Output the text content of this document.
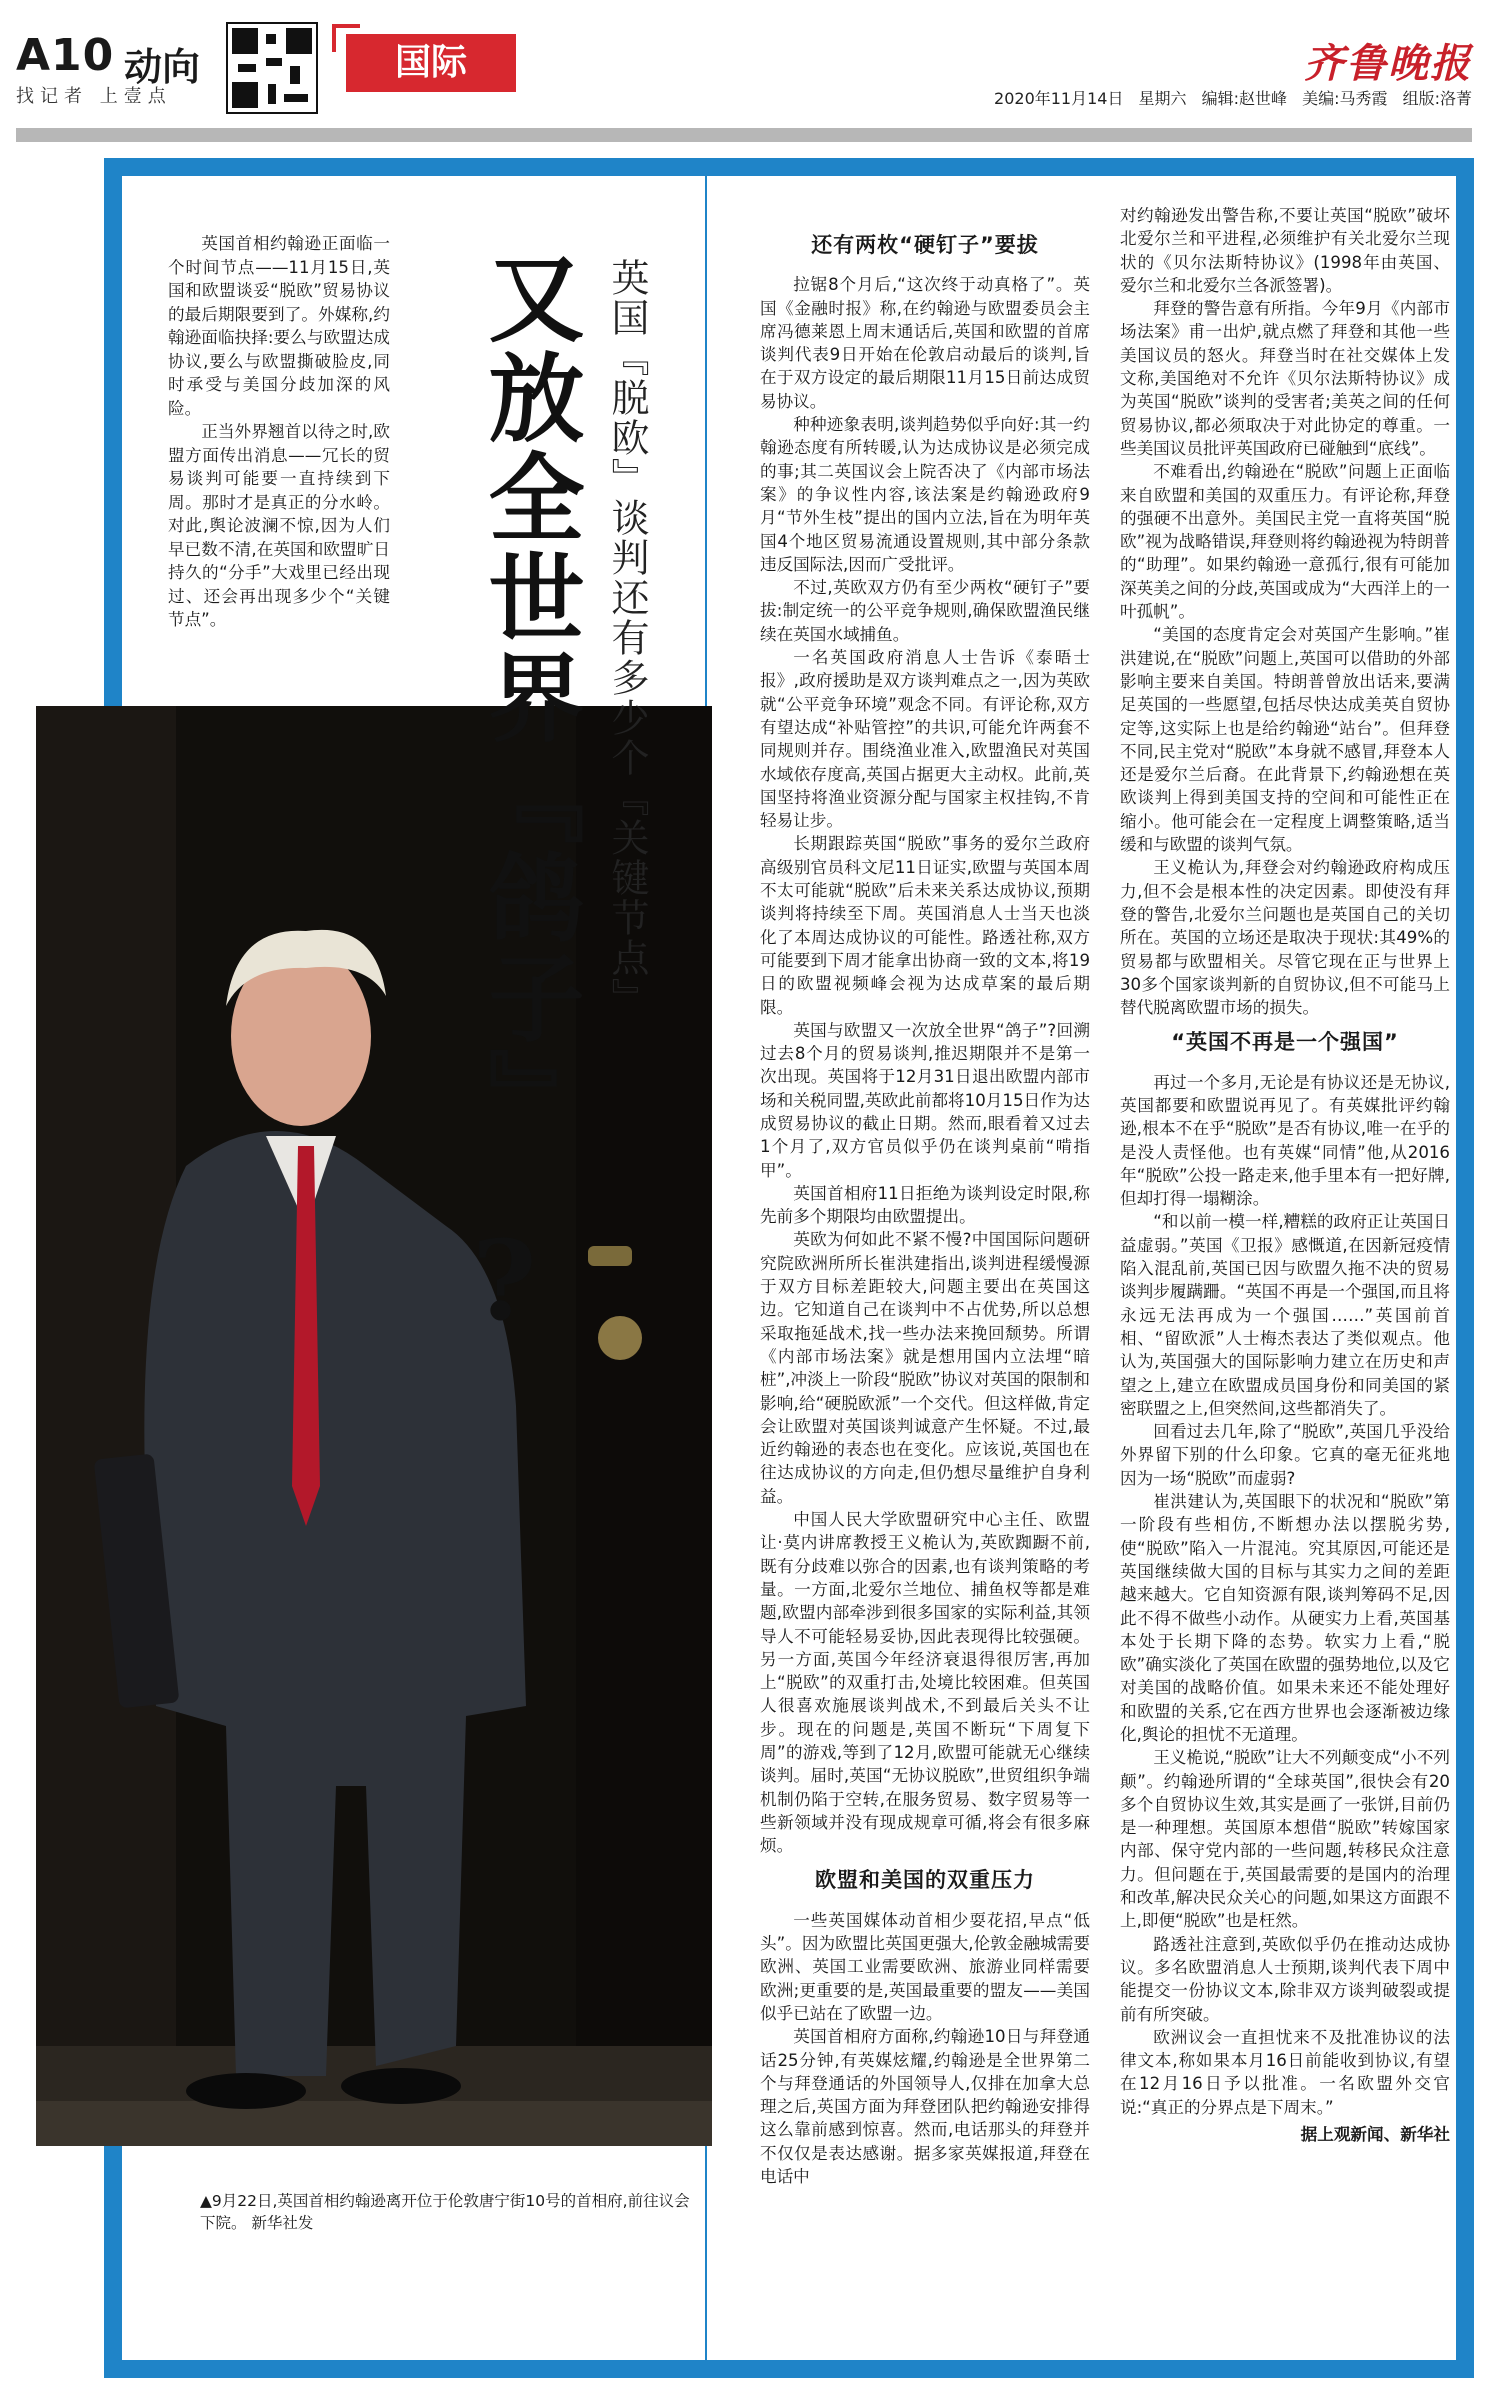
A10 动向
找记者 上壹点
国际	齐鲁晚报
2020年11月14日 星期六 编辑:赵世峰 美编:马秀霞 组版:洛菁

英国首相约翰逊正面临一个时间节点——11月15日,英国和欧盟谈妥“脱欧”贸易协议的最后期限要到了。外媒称,约翰逊面临抉择:要么与欧盟达成协议,要么与欧盟撕破脸皮,同时承受与美国分歧加深的风险。

正当外界翘首以待之时,欧盟方面传出消息——冗长的贸易谈判可能要一直持续到下周。那时才是真正的分水岭。对此,舆论波澜不惊,因为人们早已数不清,在英国和欧盟旷日持久的“分手”大戏里已经出现过、还会再出现多少个“关键节点”。	又放全世界『鸽子』
?
英国『脱欧』谈判还有多少个『关键节点』
▲9月22日,英国首相约翰逊离开位于伦敦唐宁街10号的首相府,前往议会下院。 新华社发
还有两枚“硬钉子”要拔

拉锯8个月后,“这次终于动真格了”。英国《金融时报》称,在约翰逊与欧盟委员会主席冯德莱恩上周末通话后,英国和欧盟的首席谈判代表9日开始在伦敦启动最后的谈判,旨在于双方设定的最后期限11月15日前达成贸易协议。

种种迹象表明,谈判趋势似乎向好:其一约翰逊态度有所转暖,认为达成协议是必须完成的事;其二英国议会上院否决了《内部市场法案》的争议性内容,该法案是约翰逊政府9月“节外生枝”提出的国内立法,旨在为明年英国4个地区贸易流通设置规则,其中部分条款违反国际法,因而广受批评。

不过,英欧双方仍有至少两枚“硬钉子”要拔:制定统一的公平竞争规则,确保欧盟渔民继续在英国水域捕鱼。

一名英国政府消息人士告诉《泰晤士报》,政府援助是双方谈判难点之一,因为英欧就“公平竞争环境”观念不同。有评论称,双方有望达成“补贴管控”的共识,可能允许两套不同规则并存。围绕渔业准入,欧盟渔民对英国水域依存度高,英国占据更大主动权。此前,英国坚持将渔业资源分配与国家主权挂钩,不肯轻易让步。

长期跟踪英国“脱欧”事务的爱尔兰政府高级别官员科文尼11日证实,欧盟与英国本周不太可能就“脱欧”后未来关系达成协议,预期谈判将持续至下周。英国消息人士当天也淡化了本周达成协议的可能性。路透社称,双方可能要到下周才能拿出协商一致的文本,将19日的欧盟视频峰会视为达成草案的最后期限。

英国与欧盟又一次放全世界“鸽子”?回溯过去8个月的贸易谈判,推迟期限并不是第一次出现。英国将于12月31日退出欧盟内部市场和关税同盟,英欧此前都将10月15日作为达成贸易协议的截止日期。然而,眼看着又过去1个月了,双方官员似乎仍在谈判桌前“啃指甲”。

英国首相府11日拒绝为谈判设定时限,称先前多个期限均由欧盟提出。

英欧为何如此不紧不慢?中国国际问题研究院欧洲所所长崔洪建指出,谈判进程缓慢源于双方目标差距较大,问题主要出在英国这边。它知道自己在谈判中不占优势,所以总想采取拖延战术,找一些办法来挽回颓势。所谓《内部市场法案》就是想用国内立法埋“暗桩”,冲淡上一阶段“脱欧”协议对英国的限制和影响,给“硬脱欧派”一个交代。但这样做,肯定会让欧盟对英国谈判诚意产生怀疑。不过,最近约翰逊的表态也在变化。应该说,英国也在往达成协议的方向走,但仍想尽量维护自身利益。

中国人民大学欧盟研究中心主任、欧盟让·莫内讲席教授王义桅认为,英欧踟蹰不前,既有分歧难以弥合的因素,也有谈判策略的考量。一方面,北爱尔兰地位、捕鱼权等都是难题,欧盟内部牵涉到很多国家的实际利益,其领导人不可能轻易妥协,因此表现得比较强硬。另一方面,英国今年经济衰退得很厉害,再加上“脱欧”的双重打击,处境比较困难。但英国人很喜欢施展谈判战术,不到最后关头不让步。现在的问题是,英国不断玩“下周复下周”的游戏,等到了12月,欧盟可能就无心继续谈判。届时,英国“无协议脱欧”,世贸组织争端机制仍陷于空转,在服务贸易、数字贸易等一些新领域并没有现成规章可循,将会有很多麻烦。

欧盟和美国的双重压力

一些英国媒体动首相少耍花招,早点“低头”。因为欧盟比英国更强大,伦敦金融城需要欧洲、英国工业需要欧洲、旅游业同样需要欧洲;更重要的是,英国最重要的盟友——美国似乎已站在了欧盟一边。

英国首相府方面称,约翰逊10日与拜登通话25分钟,有英媒炫耀,约翰逊是全世界第二个与拜登通话的外国领导人,仅排在加拿大总理之后,英国方面为拜登团队把约翰逊安排得这么靠前感到惊喜。然而,电话那头的拜登并不仅仅是表达感谢。据多家英媒报道,拜登在电话中

对约翰逊发出警告称,不要让英国“脱欧”破坏北爱尔兰和平进程,必须维护有关北爱尔兰现状的《贝尔法斯特协议》(1998年由英国、爱尔兰和北爱尔兰各派签署)。

拜登的警告意有所指。今年9月《内部市场法案》甫一出炉,就点燃了拜登和其他一些美国议员的怒火。拜登当时在社交媒体上发文称,美国绝对不允许《贝尔法斯特协议》成为英国“脱欧”谈判的受害者;美英之间的任何贸易协议,都必须取决于对此协定的尊重。一些美国议员批评英国政府已碰触到“底线”。

不难看出,约翰逊在“脱欧”问题上正面临来自欧盟和美国的双重压力。有评论称,拜登的强硬不出意外。美国民主党一直将英国“脱欧”视为战略错误,拜登则将约翰逊视为特朗普的“助理”。如果约翰逊一意孤行,很有可能加深英美之间的分歧,英国或成为“大西洋上的一叶孤帆”。

“美国的态度肯定会对英国产生影响。”崔洪建说,在“脱欧”问题上,英国可以借助的外部影响主要来自美国。特朗普曾放出话来,要满足英国的一些愿望,包括尽快达成美英自贸协定等,这实际上也是给约翰逊“站台”。但拜登不同,民主党对“脱欧”本身就不感冒,拜登本人还是爱尔兰后裔。在此背景下,约翰逊想在英欧谈判上得到美国支持的空间和可能性正在缩小。他可能会在一定程度上调整策略,适当缓和与欧盟的谈判气氛。

王义桅认为,拜登会对约翰逊政府构成压力,但不会是根本性的决定因素。即使没有拜登的警告,北爱尔兰问题也是英国自己的关切所在。英国的立场还是取决于现状:其49%的贸易都与欧盟相关。尽管它现在正与世界上30多个国家谈判新的自贸协议,但不可能马上替代脱离欧盟市场的损失。

“英国不再是一个强国”

再过一个多月,无论是有协议还是无协议,英国都要和欧盟说再见了。有英媒批评约翰逊,根本不在乎“脱欧”是否有协议,唯一在乎的是没人责怪他。也有英媒“同情”他,从2016年“脱欧”公投一路走来,他手里本有一把好牌,但却打得一塌糊涂。

“和以前一模一样,糟糕的政府正让英国日益虚弱。”英国《卫报》感慨道,在因新冠疫情陷入混乱前,英国已因与欧盟久拖不决的贸易谈判步履蹒跚。“英国不再是一个强国,而且将永远无法再成为一个强国……”英国前首相、“留欧派”人士梅杰表达了类似观点。他认为,英国强大的国际影响力建立在历史和声望之上,建立在欧盟成员国身份和同美国的紧密联盟之上,但突然间,这些都消失了。

回看过去几年,除了“脱欧”,英国几乎没给外界留下别的什么印象。它真的毫无征兆地因为一场“脱欧”而虚弱?

崔洪建认为,英国眼下的状况和“脱欧”第一阶段有些相仿,不断想办法以摆脱劣势,使“脱欧”陷入一片混沌。究其原因,可能还是英国继续做大国的目标与其实力之间的差距越来越大。它自知资源有限,谈判筹码不足,因此不得不做些小动作。从硬实力上看,英国基本处于长期下降的态势。软实力上看,“脱欧”确实淡化了英国在欧盟的强势地位,以及它对美国的战略价值。如果未来还不能处理好和欧盟的关系,它在西方世界也会逐渐被边缘化,舆论的担忧不无道理。

王义桅说,“脱欧”让大不列颠变成“小不列颠”。约翰逊所谓的“全球英国”,很快会有20多个自贸协议生效,其实是画了一张饼,目前仍是一种理想。英国原本想借“脱欧”转嫁国家内部、保守党内部的一些问题,转移民众注意力。但问题在于,英国最需要的是国内的治理和改革,解决民众关心的问题,如果这方面跟不上,即便“脱欧”也是枉然。

路透社注意到,英欧似乎仍在推动达成协议。多名欧盟消息人士预期,谈判代表下周中能提交一份协议文本,除非双方谈判破裂或提前有所突破。

欧洲议会一直担忧来不及批准协议的法律文本,称如果本月16日前能收到协议,有望在12月16日予以批准。一名欧盟外交官说:“真正的分界点是下周末。”

据上观新闻、新华社
